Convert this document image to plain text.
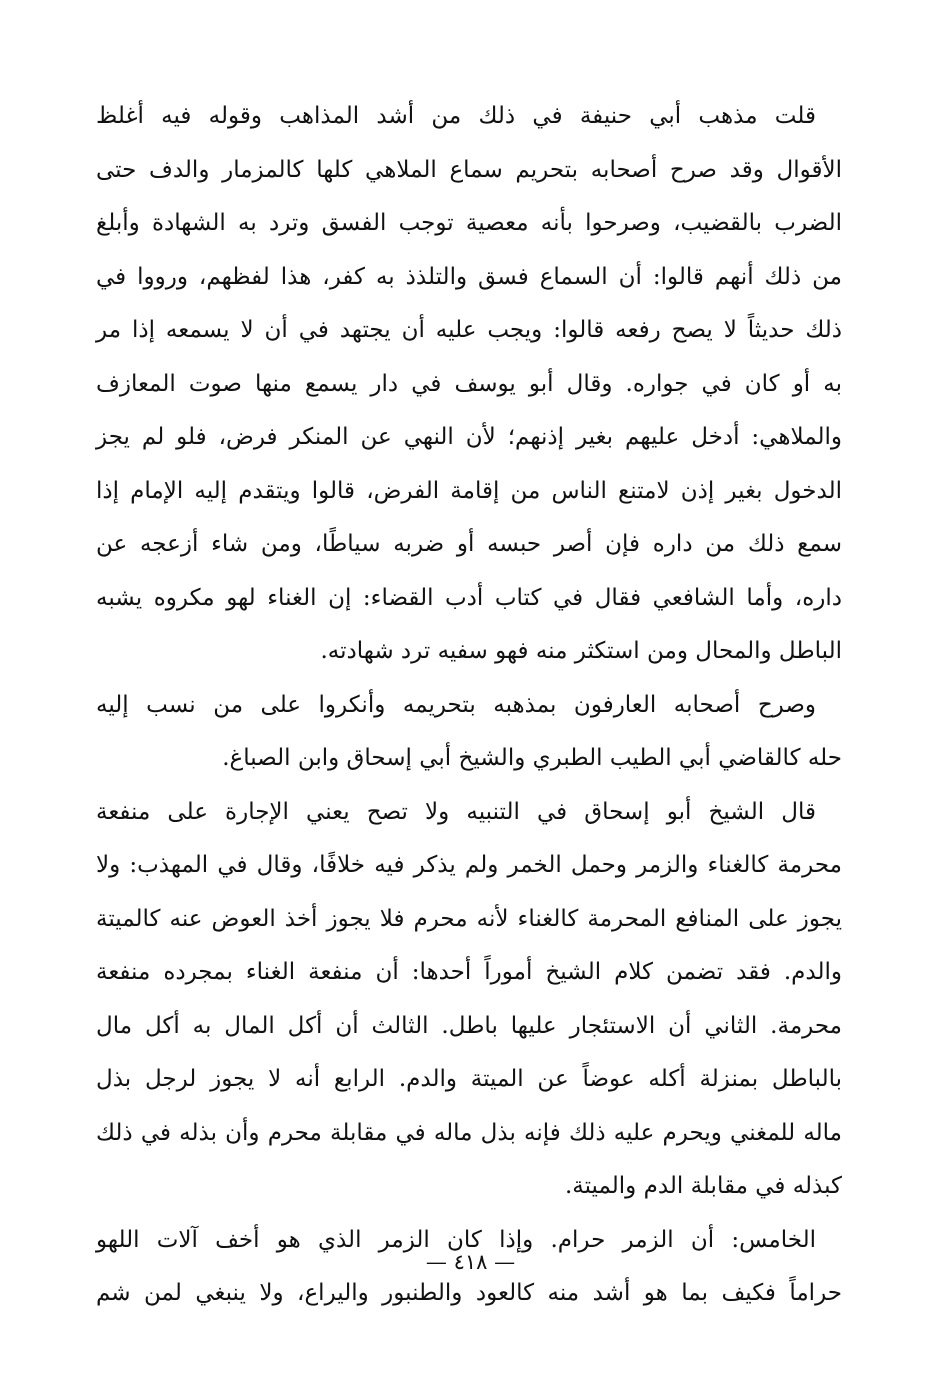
قلت مذهب أبي حنيفة في ذلك من أشد المذاهب وقوله فيه أغلظ
الأقوال وقد صرح أصحابه بتحريم سماع الملاهي كلها كالمزمار والدف حتى
الضرب بالقضيب، وصرحوا بأنه معصية توجب الفسق وترد به الشهادة وأبلغ
من ذلك أنهم قالوا: أن السماع فسق والتلذذ به كفر، هذا لفظهم، ورووا في
ذلك حديثاً لا يصح رفعه قالوا: ويجب عليه أن يجتهد في أن لا يسمعه إذا مر
به أو كان في جواره. وقال أبو يوسف في دار يسمع منها صوت المعازف
والملاهي: أدخل عليهم بغير إذنهم؛ لأن النهي عن المنكر فرض، فلو لم يجز
الدخول بغير إذن لامتنع الناس من إقامة الفرض، قالوا ويتقدم إليه الإمام إذا
سمع ذلك من داره فإن أصر حبسه أو ضربه سياطًا، ومن شاء أزعجه عن
داره، وأما الشافعي فقال في كتاب أدب القضاء: إن الغناء لهو مكروه يشبه
الباطل والمحال ومن استكثر منه فهو سفيه ترد شهادته.
وصرح أصحابه العارفون بمذهبه بتحريمه وأنكروا على من نسب إليه
حله كالقاضي أبي الطيب الطبري والشيخ أبي إسحاق وابن الصباغ.
قال الشيخ أبو إسحاق في التنبيه ولا تصح يعني الإجارة على منفعة
محرمة كالغناء والزمر وحمل الخمر ولم يذكر فيه خلافًا، وقال في المهذب: ولا
يجوز على المنافع المحرمة كالغناء لأنه محرم فلا يجوز أخذ العوض عنه كالميتة
والدم. فقد تضمن كلام الشيخ أموراً أحدها: أن منفعة الغناء بمجرده منفعة
محرمة. الثاني أن الاستئجار عليها باطل. الثالث أن أكل المال به أكل مال
بالباطل بمنزلة أكله عوضاً عن الميتة والدم. الرابع أنه لا يجوز لرجل بذل
ماله للمغني ويحرم عليه ذلك فإنه بذل ماله في مقابلة محرم وأن بذله في ذلك
كبذله في مقابلة الدم والميتة.
الخامس: أن الزمر حرام. وإذا كان الزمر الذي هو أخف آلات اللهو
حراماً فكيف بما هو أشد منه كالعود والطنبور واليراع، ولا ينبغي لمن شم
— ٤١٨ —
